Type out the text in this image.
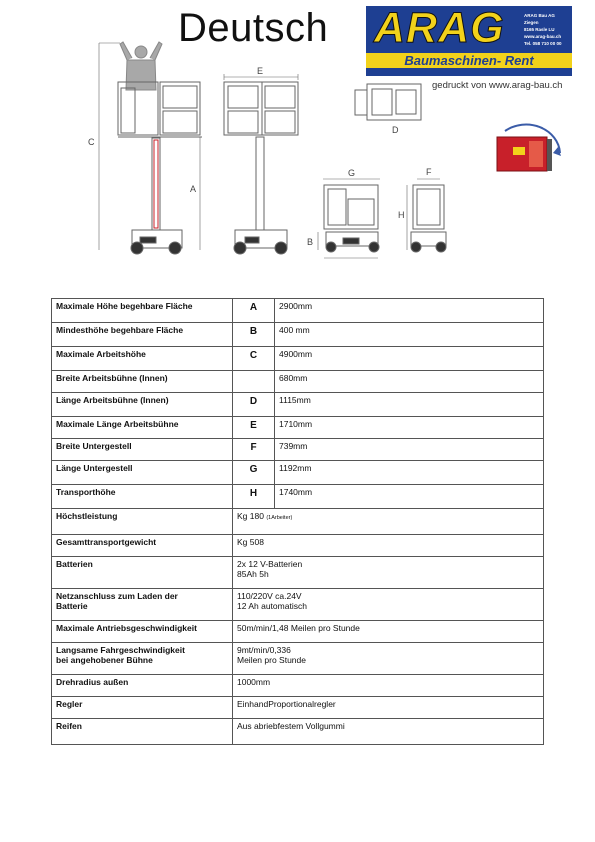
Deutsch ARAG	ARAG Bau AG
Ziegen
8165 Rasle LU
www.arag-bau.ch
Tel. 058 710 00 00
Baumaschinen- Rent
gedruckt von www.arag-bau.ch
C
A
E
D
G
B
F
H
Maximale Höhe begehbare Fläche	A	2900mm
Mindesthöhe begehbare Fläche	B	400 mm
Maximale Arbeitshöhe	C	4900mm
Breite Arbeitsbühne (Innen)		680mm
Länge Arbeitsbühne (Innen)	D	1115mm
Maximale Länge Arbeitsbühne	E	1710mm
Breite Untergestell	F	739mm
Länge Untergestell	G	1192mm
Transporthöhe	H	1740mm
Höchstleistung	Kg 180 (1Arbeiter)	
Gesamttransportgewicht	Kg 508	
Batterien	2x 12 V-Batterien
85Ah 5h	
Netzanschluss zum Laden der
Batterie	110/220V ca.24V
12 Ah automatisch	
Maximale Antriebsgeschwindigkeit	50m/min/1,48 Meilen pro Stunde	
Langsame Fahrgeschwindigkeit
bei angehobener Bühne	9mt/min/0,336
Meilen pro Stunde	
Drehradius außen	1000mm	
Regler	EinhandProportionalregler	
Reifen	Aus abriebfestem Vollgummi	
